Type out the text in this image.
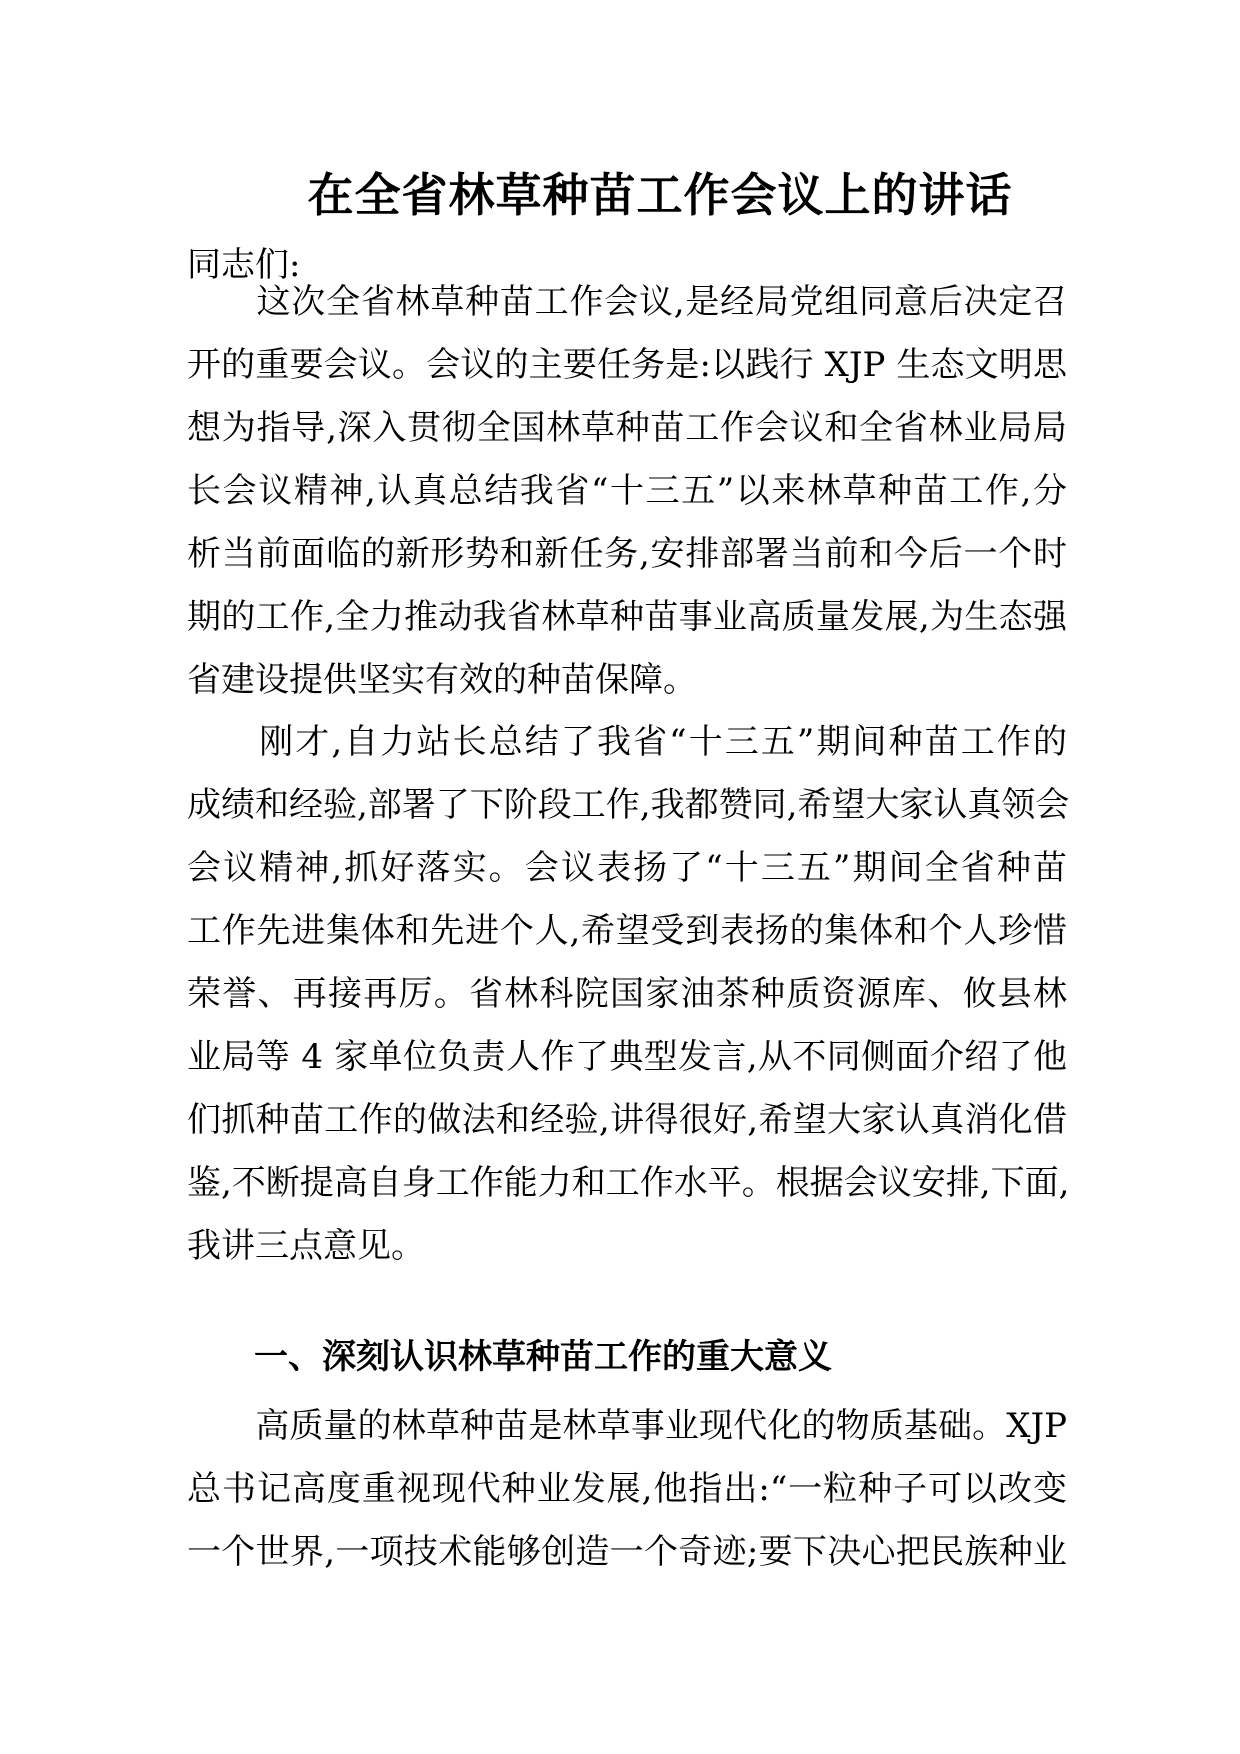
在全省林草种苗工作会议上的讲话
同志们:
　　这次全省林草种苗工作会议,是经局党组同意后决定召
开的重要会议。会议的主要任务是:以践行 XJP 生态文明思
想为指导,深入贯彻全国林草种苗工作会议和全省林业局局
长会议精神,认真总结我省“十三五”以来林草种苗工作,分
析当前面临的新形势和新任务,安排部署当前和今后一个时
期的工作,全力推动我省林草种苗事业高质量发展,为生态强
省建设提供坚实有效的种苗保障。
　　刚才,自力站长总结了我省“十三五”期间种苗工作的
成绩和经验,部署了下阶段工作,我都赞同,希望大家认真领会
会议精神,抓好落实。会议表扬了“十三五”期间全省种苗
工作先进集体和先进个人,希望受到表扬的集体和个人珍惜
荣誉、再接再厉。省林科院国家油茶种质资源库、攸县林
业局等 4 家单位负责人作了典型发言,从不同侧面介绍了他
们抓种苗工作的做法和经验,讲得很好,希望大家认真消化借
鉴,不断提高自身工作能力和工作水平。根据会议安排,下面,
我讲三点意见。
一、深刻认识林草种苗工作的重大意义
　　高质量的林草种苗是林草事业现代化的物质基础。XJP
总书记高度重视现代种业发展,他指出:“一粒种子可以改变
一个世界,一项技术能够创造一个奇迹;要下决心把民族种业
